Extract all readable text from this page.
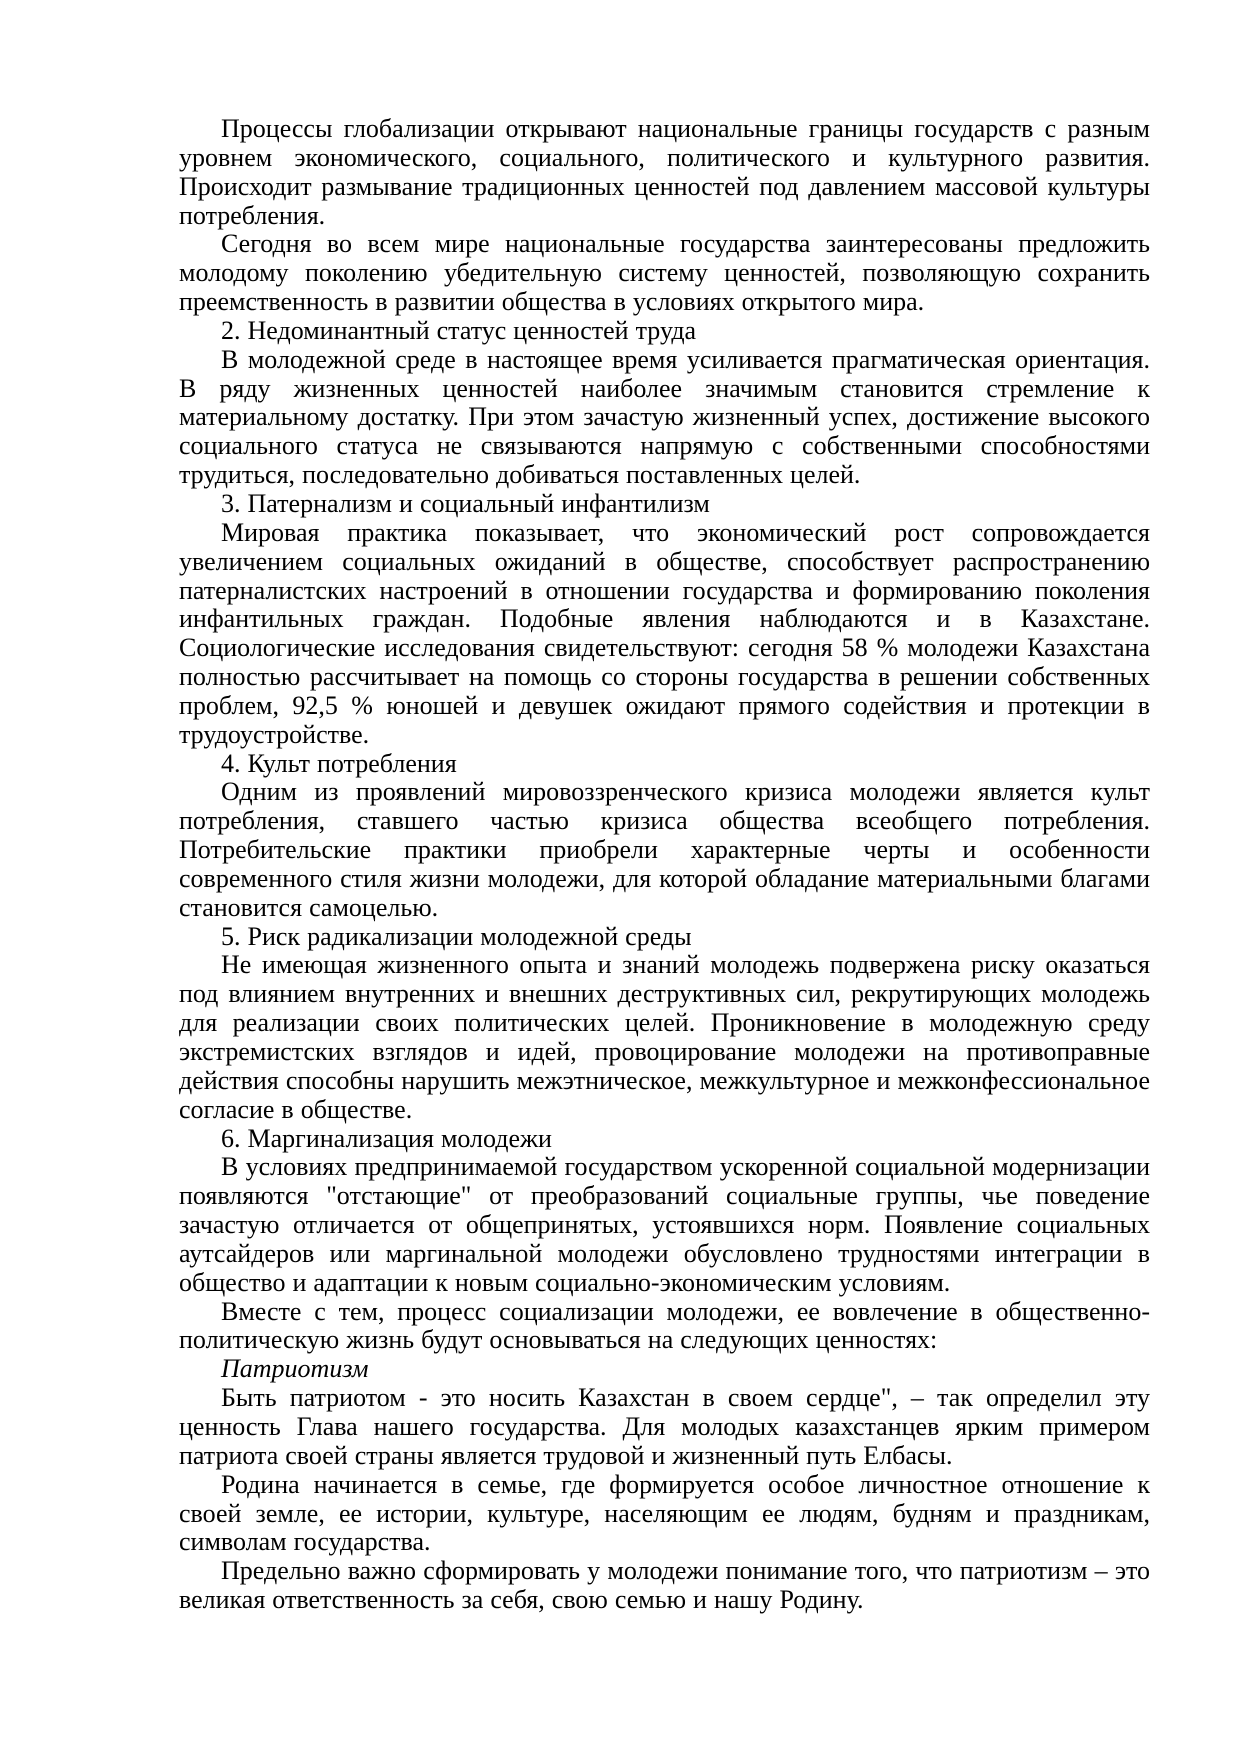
Процессы глобализации открывают национальные границы государств с разным уровнем экономического, социального, политического и культурного развития. Происходит размывание традиционных ценностей под давлением массовой культуры потребления.

Сегодня во всем мире национальные государства заинтересованы предложить молодому поколению убедительную систему ценностей, позволяющую сохранить преемственность в развитии общества в условиях открытого мира.

2. Недоминантный статус ценностей труда

В молодежной среде в настоящее время усиливается прагматическая ориентация. В ряду жизненных ценностей наиболее значимым становится стремление к материальному достатку. При этом зачастую жизненный успех, достижение высокого социального статуса не связываются напрямую с собственными способностями трудиться, последовательно добиваться поставленных целей.

3. Патернализм и социальный инфантилизм

Мировая практика показывает, что экономический рост сопровождается увеличением социальных ожиданий в обществе, способствует распространению патерналистских настроений в отношении государства и формированию поколения инфантильных граждан. Подобные явления наблюдаются и в Казахстане. Социологические исследования свидетельствуют: сегодня 58 % молодежи Казахстана полностью рассчитывает на помощь со стороны государства в решении собственных проблем, 92,5 % юношей и девушек ожидают прямого содействия и протекции в трудоустройстве.

4. Культ потребления

Одним из проявлений мировоззренческого кризиса молодежи является культ потребления, ставшего частью кризиса общества всеобщего потребления. Потребительские практики приобрели характерные черты и особенности современного стиля жизни молодежи, для которой обладание материальными благами становится самоцелью.

5. Риск радикализации молодежной среды

Не имеющая жизненного опыта и знаний молодежь подвержена риску оказаться под влиянием внутренних и внешних деструктивных сил, рекрутирующих молодежь для реализации своих политических целей. Проникновение в молодежную среду экстремистских взглядов и идей, провоцирование молодежи на противоправные действия способны нарушить межэтническое, межкультурное и межконфессиональное согласие в обществе.

6. Маргинализация молодежи

В условиях предпринимаемой государством ускоренной социальной модернизации появляются "отстающие" от преобразований социальные группы, чье поведение зачастую отличается от общепринятых, устоявшихся норм. Появление социальных аутсайдеров или маргинальной молодежи обусловлено трудностями интеграции в общество и адаптации к новым социально-экономическим условиям.

Вместе с тем, процесс социализации молодежи, ее вовлечение в общественно-политическую жизнь будут основываться на следующих ценностях:

Патриотизм

Быть патриотом - это носить Казахстан в своем сердце", – так определил эту ценность Глава нашего государства. Для молодых казахстанцев ярким примером патриота своей страны является трудовой и жизненный путь Елбасы.

Родина начинается в семье, где формируется особое личностное отношение к своей земле, ее истории, культуре, населяющим ее людям, будням и праздникам, символам государства.

Предельно важно сформировать у молодежи понимание того, что патриотизм – это великая ответственность за себя, свою семью и нашу Родину.
